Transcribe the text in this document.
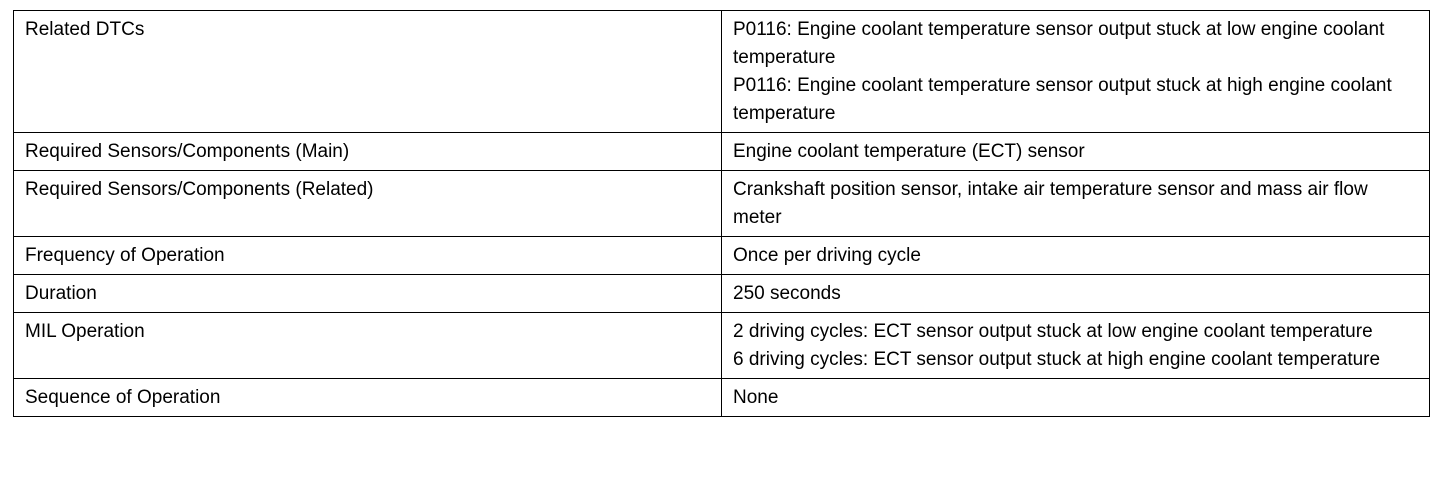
Related DTCs	P0116: Engine coolant temperature sensor output stuck at low engine coolant temperature
P0116: Engine coolant temperature sensor output stuck at high engine coolant temperature

Required Sensors/Components (Main)	Engine coolant temperature (ECT) sensor

Required Sensors/Components (Related)	Crankshaft position sensor, intake air temperature sensor and mass air flow meter

Frequency of Operation	Once per driving cycle

Duration	250 seconds

MIL Operation	2 driving cycles: ECT sensor output stuck at low engine coolant temperature
6 driving cycles: ECT sensor output stuck at high engine coolant temperature

Sequence of Operation	None
